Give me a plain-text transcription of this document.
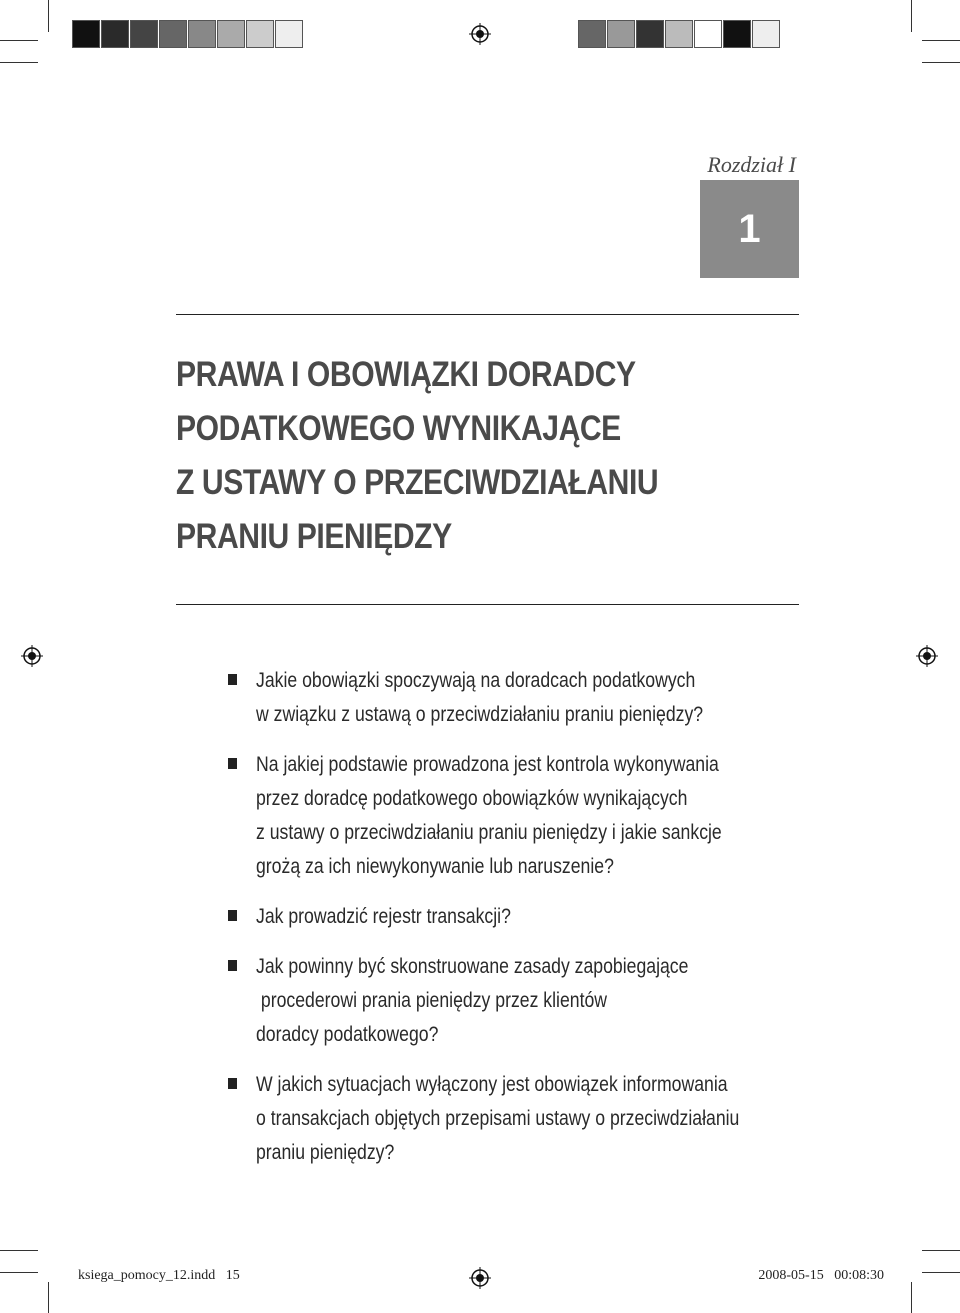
Rozdział I
1
PRAWA I OBOWIĄZKI DORADCY
PODATKOWEGO WYNIKAJĄCE
Z USTAWY O PRZECIWDZIAŁANIU
PRANIU PIENIĘDZY
Jakie obowiązki spoczywają na doradcach podatkowych
w związku z ustawą o przeciwdziałaniu praniu pieniędzy?
Na jakiej podstawie prowadzona jest kontrola wykonywania
przez doradcę podatkowego obowiązków wynikających
z ustawy o przeciwdziałaniu praniu pieniędzy i jakie sankcje
grożą za ich niewykonywanie lub naruszenie?
Jak prowadzić rejestr transakcji?
Jak powinny być skonstruowane zasady zapobiegające
procederowi prania pieniędzy przez klientów
doradcy podatkowego?
W jakich sytuacjach wyłączony jest obowiązek informowania
o transakcjach objętych przepisami ustawy o przeciwdziałaniu
praniu pieniędzy?
ksiega_pomocy_12.indd   15	2008-05-15   00:08:30
